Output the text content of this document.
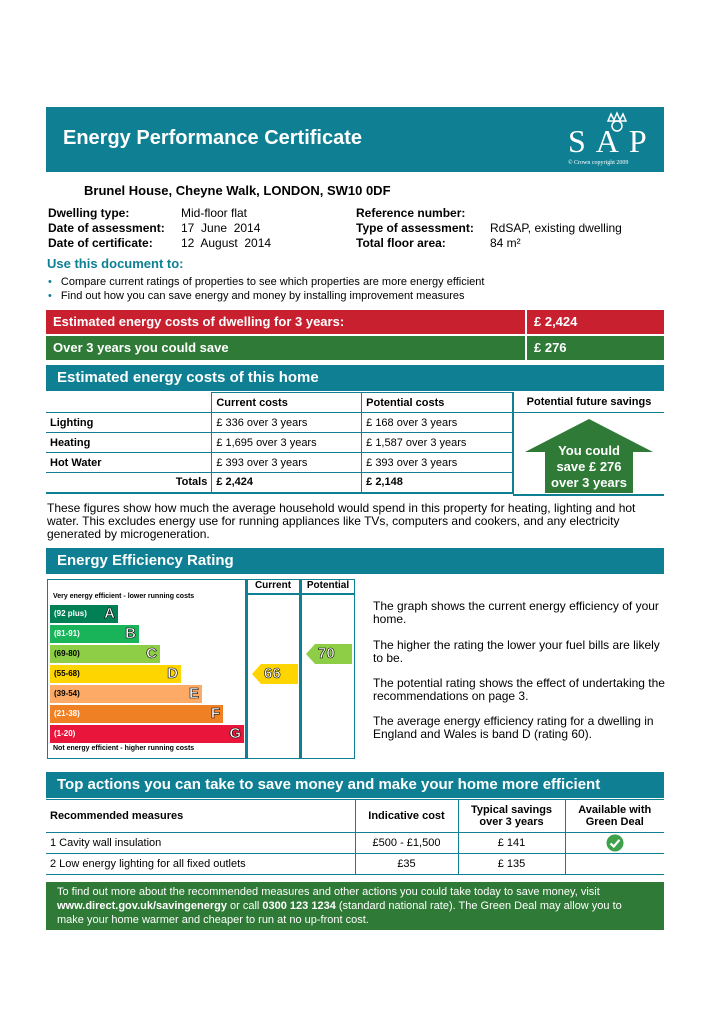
Energy Performance Certificate	SAP
© Crown copyright 2009
Brunel House, Cheyne Walk, LONDON, SW10 0DF
Dwelling type:	Mid-floor flat
Date of assessment: 17  June  2014
Date of certificate: 12  August  2014
Reference number:
Type of assessment: RdSAP, existing dwelling
Total floor area:	84 m²
Use this document to:
• Compare current ratings of properties to see which properties are more energy efficient
• Find out how you can save energy and money by installing improvement measures
Estimated energy costs of dwelling for 3 years:	£ 2,424
Over 3 years you could save	£ 276
Estimated energy costs of this home
	Current costs	Potential costs
Lighting	£ 336 over 3 years	£ 168 over 3 years
Heating	£ 1,695 over 3 years	£ 1,587 over 3 years
Hot Water	£ 393 over 3 years	£ 393 over 3 years
Totals	£ 2,424	£ 2,148
Potential future savings
You could
save £ 276
over 3 years
These figures show how much the average household would spend in this property for heating, lighting and hot water. This excludes energy use for running appliances like TVs, computers and cookers, and any electricity generated by microgeneration.
Energy Efficiency Rating
Current	Potential
Very energy efficient - lower running costs
(92 plus) A
(81-91)	B
(69-80)	C
(55-68)	D
(39-54)	E
(21-38)	F
(1-20)	G
Not energy efficient - higher running costs
66
70
The graph shows the current energy efficiency of your home.
The higher the rating the lower your fuel bills are likely to be.
The potential rating shows the effect of undertaking the recommendations on page 3.
The average energy efficiency rating for a dwelling in England and Wales is band D (rating 60).
Top actions you can take to save money and make your home more efficient
Recommended measures	Indicative cost	Typical savings over 3 years	Available with Green Deal
1 Cavity wall insulation	£500 - £1,500	£ 141	
2 Low energy lighting for all fixed outlets	£35	£ 135	
To find out more about the recommended measures and other actions you could take today to save money, visit
www.direct.gov.uk/savingenergy or call 0300 123 1234 (standard national rate). The Green Deal may allow you to
make your home warmer and cheaper to run at no up-front cost.
